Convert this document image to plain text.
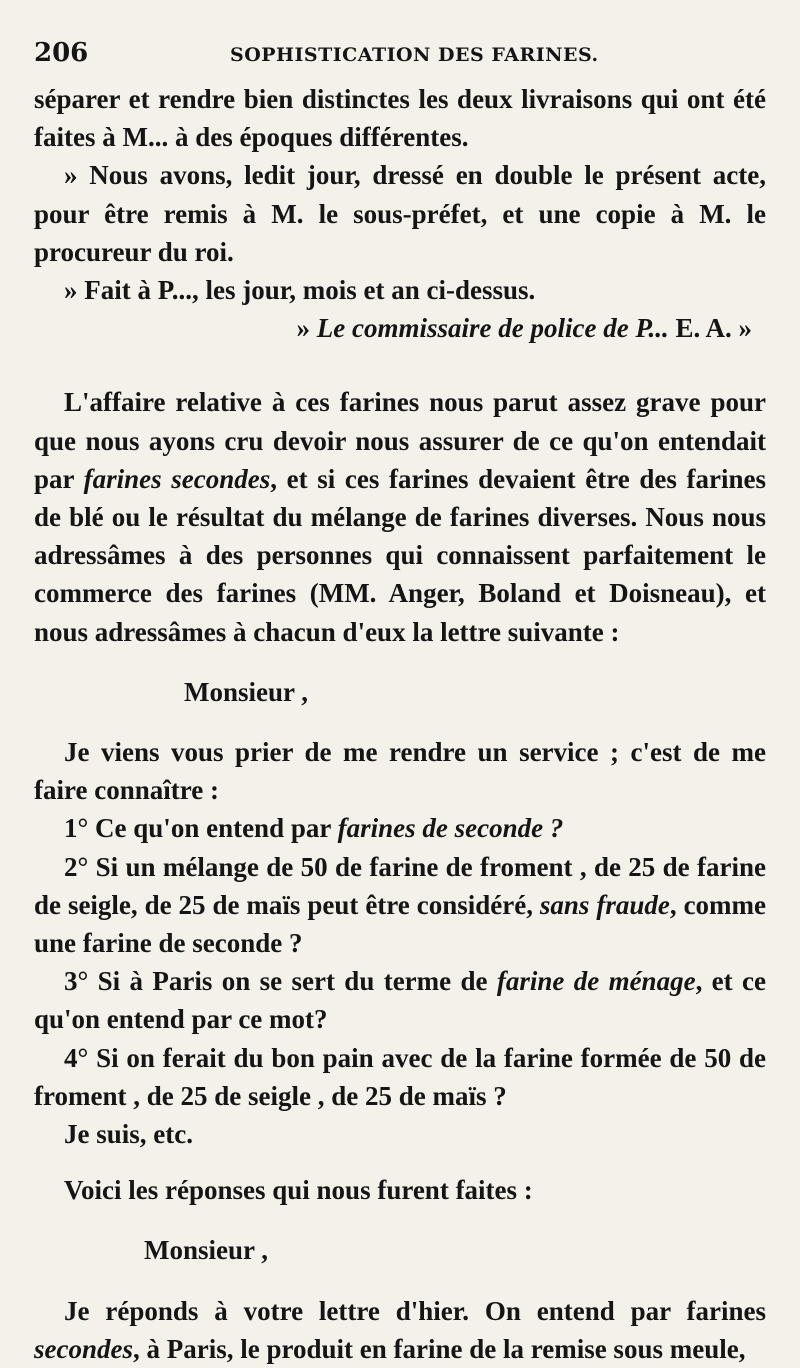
206	SOPHISTICATION DES FARINES.

séparer et rendre bien distinctes les deux livraisons qui ont été faites à M... à des époques différentes.

» Nous avons, ledit jour, dressé en double le présent acte, pour être remis à M. le sous-préfet, et une copie à M. le procureur du roi.

» Fait à P..., les jour, mois et an ci-dessus.

» Le commissaire de police de P... E. A. »

L'affaire relative à ces farines nous parut assez grave pour que nous ayons cru devoir nous assurer de ce qu'on entendait par farines secondes, et si ces farines devaient être des farines de blé ou le résultat du mélange de farines diverses. Nous nous adressâmes à des personnes qui connaissent parfaitement le commerce des farines (MM. Anger, Boland et Doisneau), et nous adressâmes à chacun d'eux la lettre suivante :

Monsieur ,

Je viens vous prier de me rendre un service ; c'est de me faire connaître :

1° Ce qu'on entend par farines de seconde ?

2° Si un mélange de 50 de farine de froment , de 25 de farine de seigle, de 25 de maïs peut être considéré, sans fraude, comme une farine de seconde ?

3° Si à Paris on se sert du terme de farine de ménage, et ce qu'on entend par ce mot?

4° Si on ferait du bon pain avec de la farine formée de 50 de froment , de 25 de seigle , de 25 de maïs ?

Je suis, etc.

Voici les réponses qui nous furent faites :

Monsieur ,

Je réponds à votre lettre d'hier. On entend par farines secondes, à Paris, le produit en farine de la remise sous meule,
